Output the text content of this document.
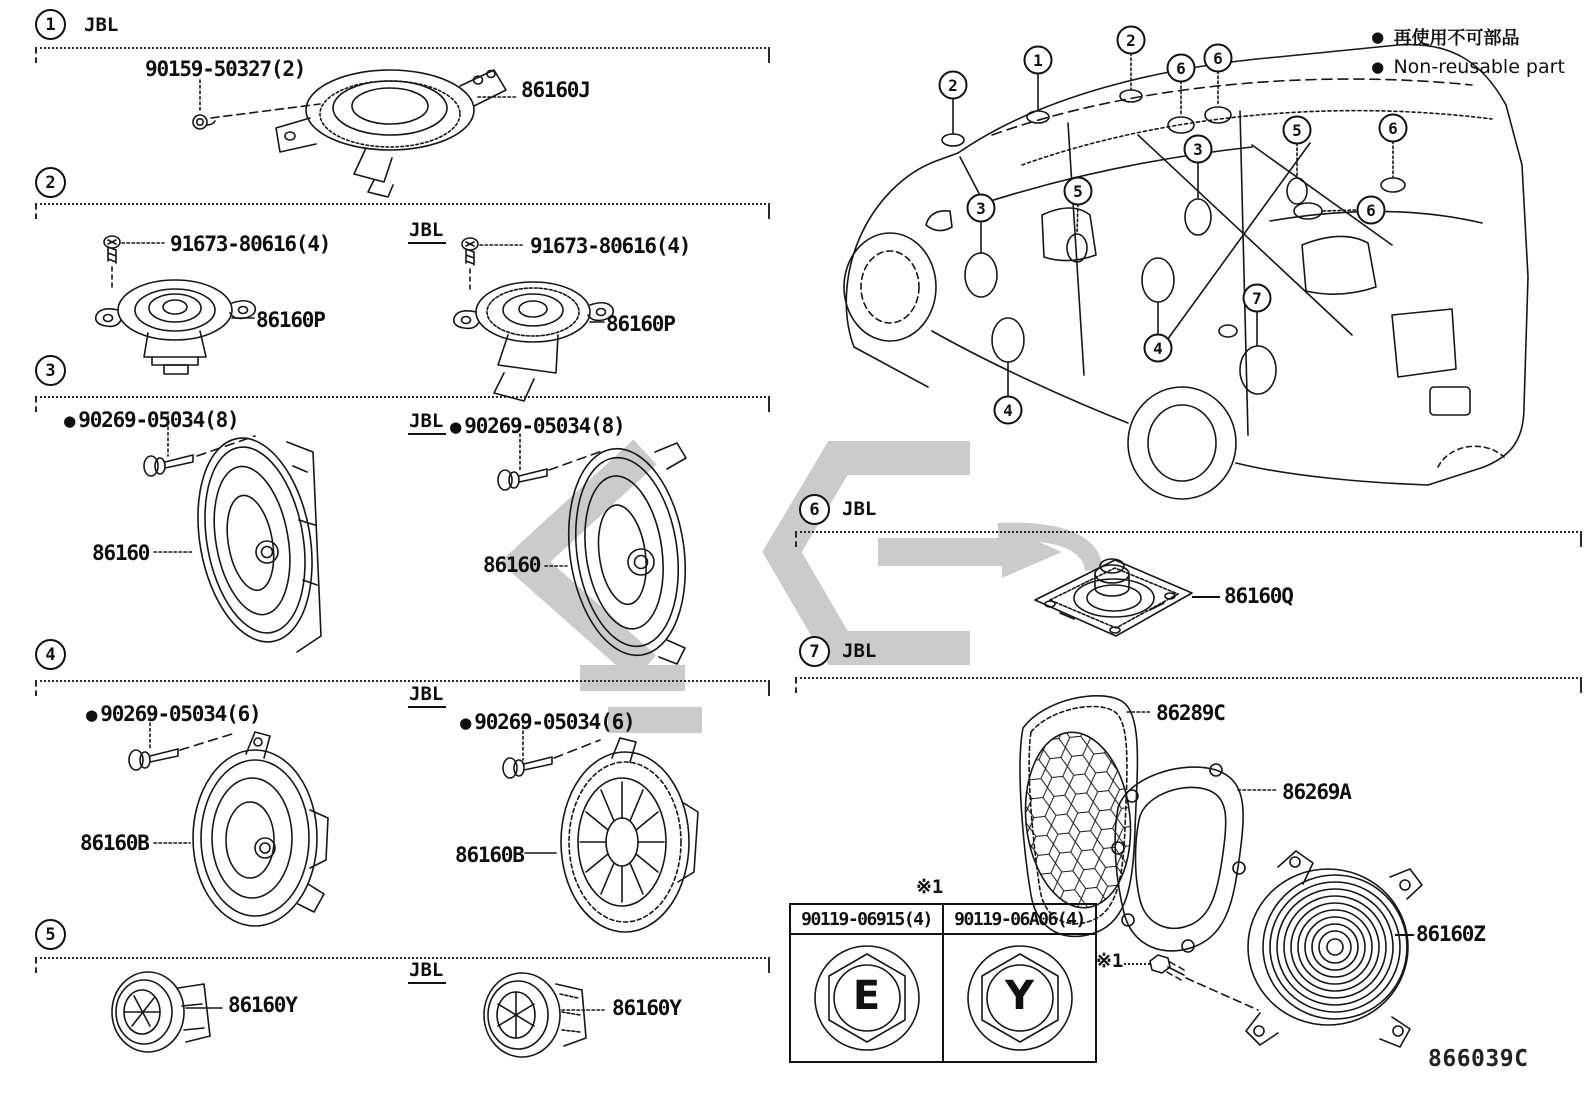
1 JBL
90159-50327(2)
86160J
2
JBL
91673-80616(4)	91673-80616(4)
86160P	86160P
3
JBL
● 90269-05034(8)	● 90269-05034(8)
86160	86160
4
JBL
● 90269-05034(6)	● 90269-05034(6)
86160B	86160B
5
JBL
86160Y	86160Y
● 再使用不可部品
● Non-reusable part
2
1
2
6
6
5	6
3
5
3	6
4
4
7
6 JBL
86160Q
7 JBL
86289C
86269A
86160Z
※1
※1
90119-06915(4)	90119-06A06(4)
E	Y
866039C
